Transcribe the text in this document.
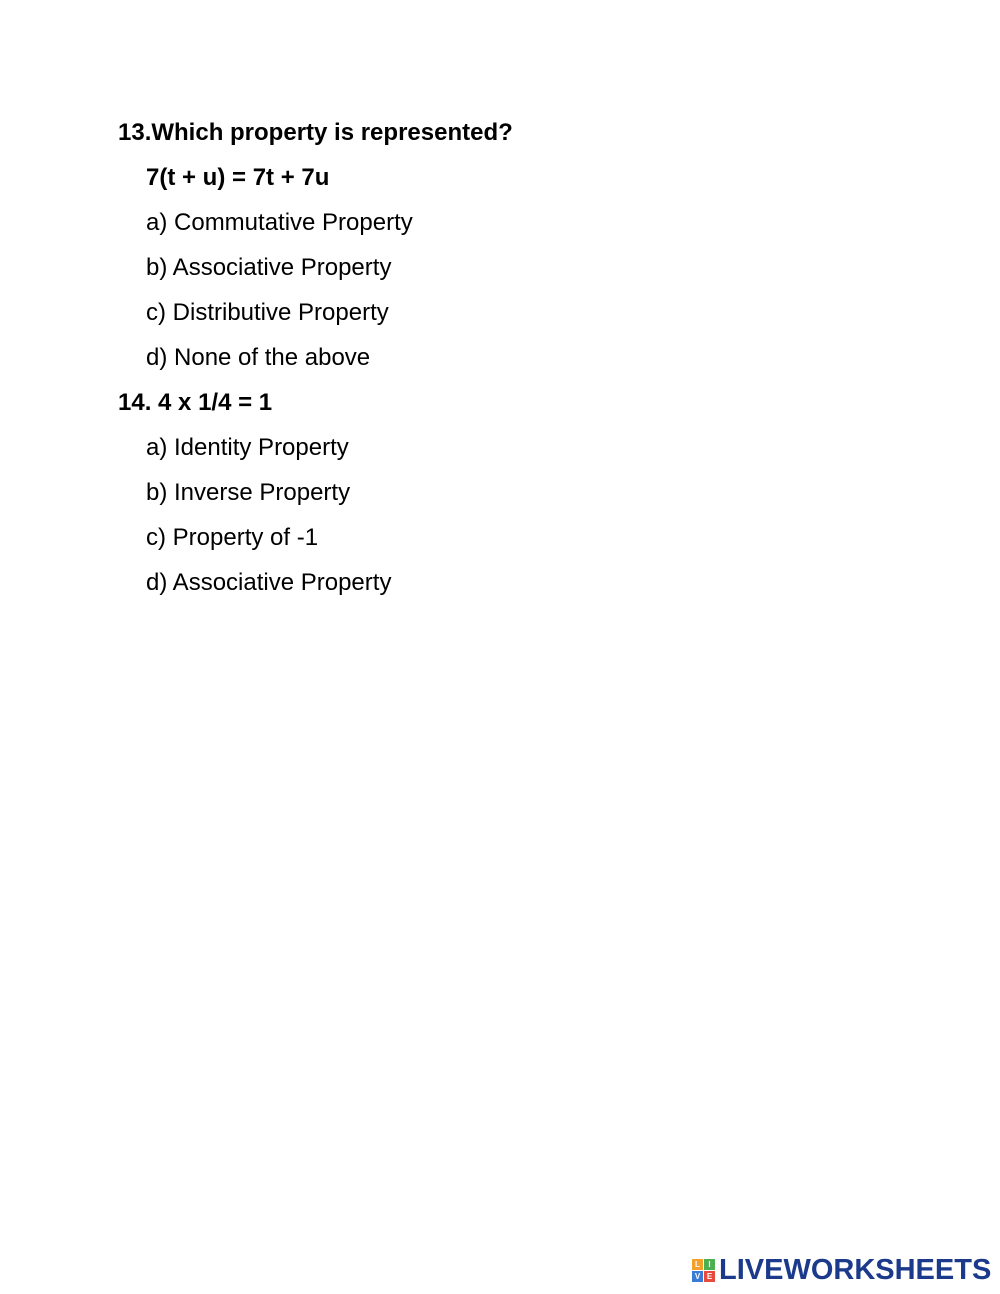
13.Which property is represented?
7(t + u) = 7t + 7u
a) Commutative Property
b) Associative Property
c) Distributive Property
d) None of the above
14. 4 x 1/4 = 1
a) Identity Property
b) Inverse Property
c) Property of -1
d) Associative Property
L	I
V E LIVEWORKSHEETS
